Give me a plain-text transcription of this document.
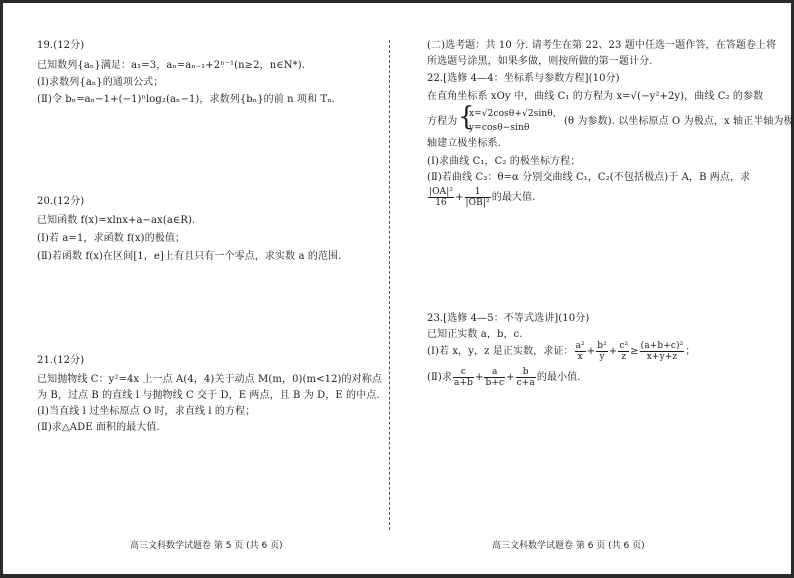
19.(12分)
已知数列{aₙ}满足：a₁=3，aₙ=aₙ₋₁+2ⁿ⁻¹(n≥2，n∈N*).
(Ⅰ)求数列{aₙ}的通项公式；
(Ⅱ)令 bₙ=aₙ−1+(−1)ⁿlog₂(aₙ−1)，求数列{bₙ}的前 n 项和 Tₙ.
20.(12分)
已知函数 f(x)=xlnx+a−ax(a∈R).
(Ⅰ)若 a=1，求函数 f(x)的极值；
(Ⅱ)若函数 f(x)在区间[1，e]上有且只有一个零点，求实数 a 的范围.
21.(12分)
已知抛物线 C：y²=4x 上一点 A(4，4)关于动点 M(m，0)(m<12)的对称点
为 B，过点 B 的直线 l 与抛物线 C 交于 D，E 两点，且 B 为 D，E 的中点.
(Ⅰ)当直线 l 过坐标原点 O 时，求直线 l 的方程；
(Ⅱ)求△ADE 面积的最大值.
高三文科数学试题卷 第 5 页 (共 6 页)
(二)选考题：共 10 分. 请考生在第 22、23 题中任选一题作答，在答题卷上将
所选题号涂黑，如果多做，则按所做的第一题计分.
22.[选修 4—4：坐标系与参数方程](10分)
在直角坐标系 xOy 中，曲线 C₁ 的方程为 x=√(−y²+2y)，曲线 C₂ 的参数
方程为 {
x=√2cosθ+√2sinθ，
y=cosθ−sinθ
(θ 为参数). 以坐标原点 O 为极点，x 轴正半轴为极
轴建立极坐标系.
(Ⅰ)求曲线 C₁，C₂ 的极坐标方程；
(Ⅱ)若曲线 C₃：θ=α 分别交曲线 C₁，C₂(不包括极点)于 A，B 两点，求
$\frac{\text{|OA|²}}{16} + \frac{1}{\text{|OB|²}}$ 的最大值.
23.[选修 4—5：不等式选讲](10分)
已知正实数 a，b，c.
(Ⅰ)若 x，y，z 是正实数，求证： $\frac{\text{a²}}{x} + \frac{\text{b²}}{y} + \frac{\text{c²}}{z} \ge \frac{\text{(a+b+c)²}}{x+y+z}$ ；
(Ⅱ)求 $\frac{c}{a+b} + \frac{a}{b+c} + \frac{b}{c+a}$ 的最小值.
高三文科数学试题卷 第 6 页 (共 6 页)
